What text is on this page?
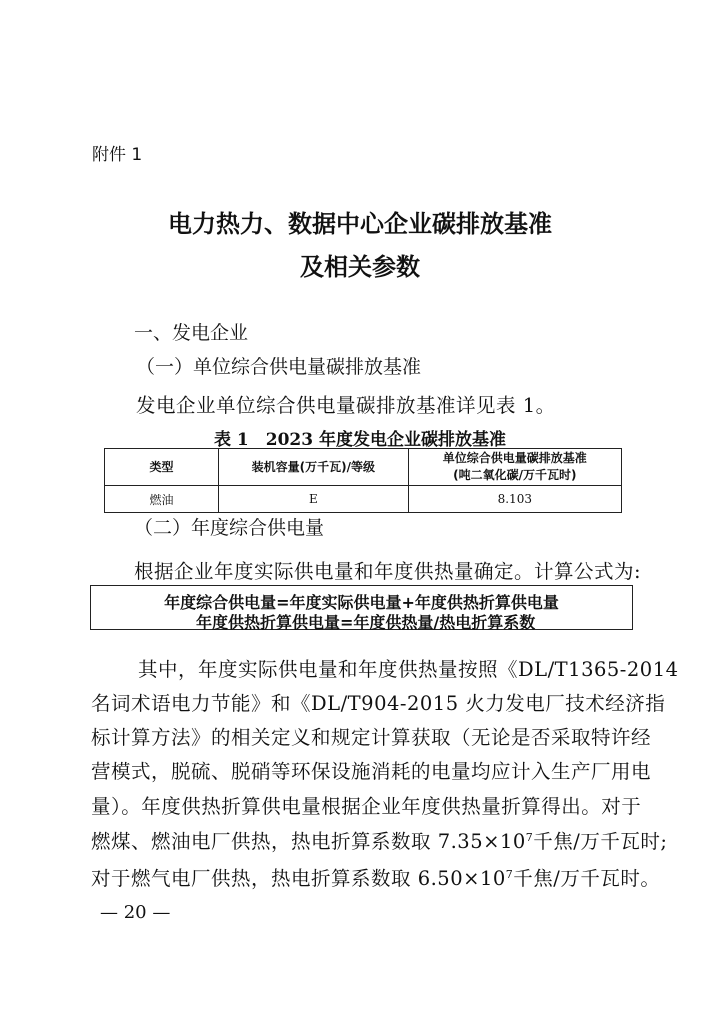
附件 1
电力热力、数据中心企业碳排放基准
及相关参数
一、发电企业
（一）单位综合供电量碳排放基准
发电企业单位综合供电量碳排放基准详见表 1。
表 1　2023 年度发电企业碳排放基准
类型	装机容量(万千瓦)/等级	单位综合供电量碳排放基准
(吨二氧化碳/万千瓦时)

燃油	E	8.103
（二）年度综合供电量
根据企业年度实际供电量和年度供热量确定。计算公式为:
年度综合供电量=年度实际供电量+年度供热折算供电量
年度供热折算供电量=年度供热量/热电折算系数
其中，年度实际供电量和年度供热量按照《DL/T1365-2014
名词术语电力节能》和《DL/T904-2015 火力发电厂技术经济指
标计算方法》的相关定义和规定计算获取（无论是否采取特许经
营模式，脱硫、脱硝等环保设施消耗的电量均应计入生产厂用电
量）。年度供热折算供电量根据企业年度供热量折算得出。对于
燃煤、燃油电厂供热，热电折算系数取 $7.35\times 10^7$千焦/万千瓦时;
对于燃气电厂供热，热电折算系数取 $6.50\times 10^7$千焦/万千瓦时。
— 20 —
